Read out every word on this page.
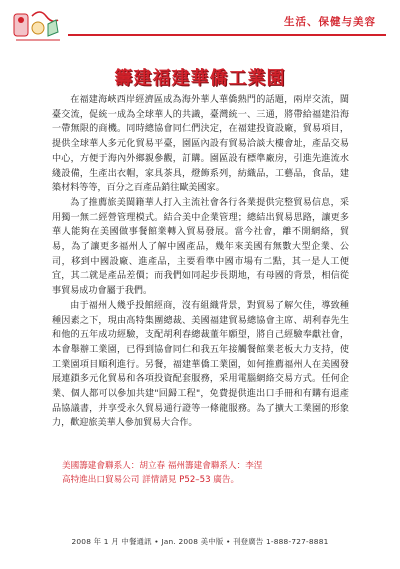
生活、保健与美容
籌建福建華僑工業園

在福建海峽西岸經濟區成為海外華人華僑熱門的話題，兩岸交流，閩臺交流，促統一成為全球華人的共識，臺灣統一、三通，將帶給福建沿海一帶無限的商機。同時總協會同仁們決定，在福建投資設廠，貿易項目，提供全球華人多元化貿易平臺，園區內設有貿易洽談大樓會址，產品交易中心，方便于海內外鄉親參觀，訂購。園區設有標準廠房，引進先進流水綫設備，生產出衣帽，家具茶具，燈飾系列，紡織品，工藝品，食品，建築材料等等，百分之百產品銷往歐美國家。

為了推薦旅美閩籍華人打入主流社會各行各業提供完整貿易信息，采用獨一無二經營管理模式。結合美中企業管理；總結出貿易思路，讓更多華人能夠在美國做事餐館業轉入貿易發展。當今社會，離不開網絡，貿易，為了讓更多福州人了解中國產品，幾年來美國有無數大型企業、公司，移到中國設廠、進產品，主要看準中國市場有二點，其一是人工便宜，其二就是產品差價；而我們如同起步長期地，有母國的背景，相信從事貿易成功會屬于我們。

由于福州人幾乎投館經商，沒有組織背景，對貿易了解欠佳，導致種種因素之下，現由高特集團總裁、美國福建貿易總協會主席、胡利春先生和他的五年成功經驗，支配胡利春總裁董年願望，將自己經驗奉獻社會，本會舉辦工業園，已得到協會同仁和我五年接觸餐館業老板大力支持，使工業園項目順利進行。另餐，福建華僑工業園，如何推薦福州人在美國發展連鎖多元化貿易和各項投資配套服務，采用電腦網絡交易方式。任何企業、個人都可以參加共建"回歸工程"，免費提供進出口手冊和有購有退產品協議書，并享受永久貿易通行證等一條龍服務。為了擴大工業園的形象力，歡迎旅美華人參加貿易大合作。

美國籌建會聯系人：胡立春 福州籌建會聯系人：李涅
高特進出口貿易公司 詳情請見 P52–53 廣告。
2008 年 1 月 中餐通訊 • Jan. 2008 美中版 • 刊登廣告 1-888-727-8881
